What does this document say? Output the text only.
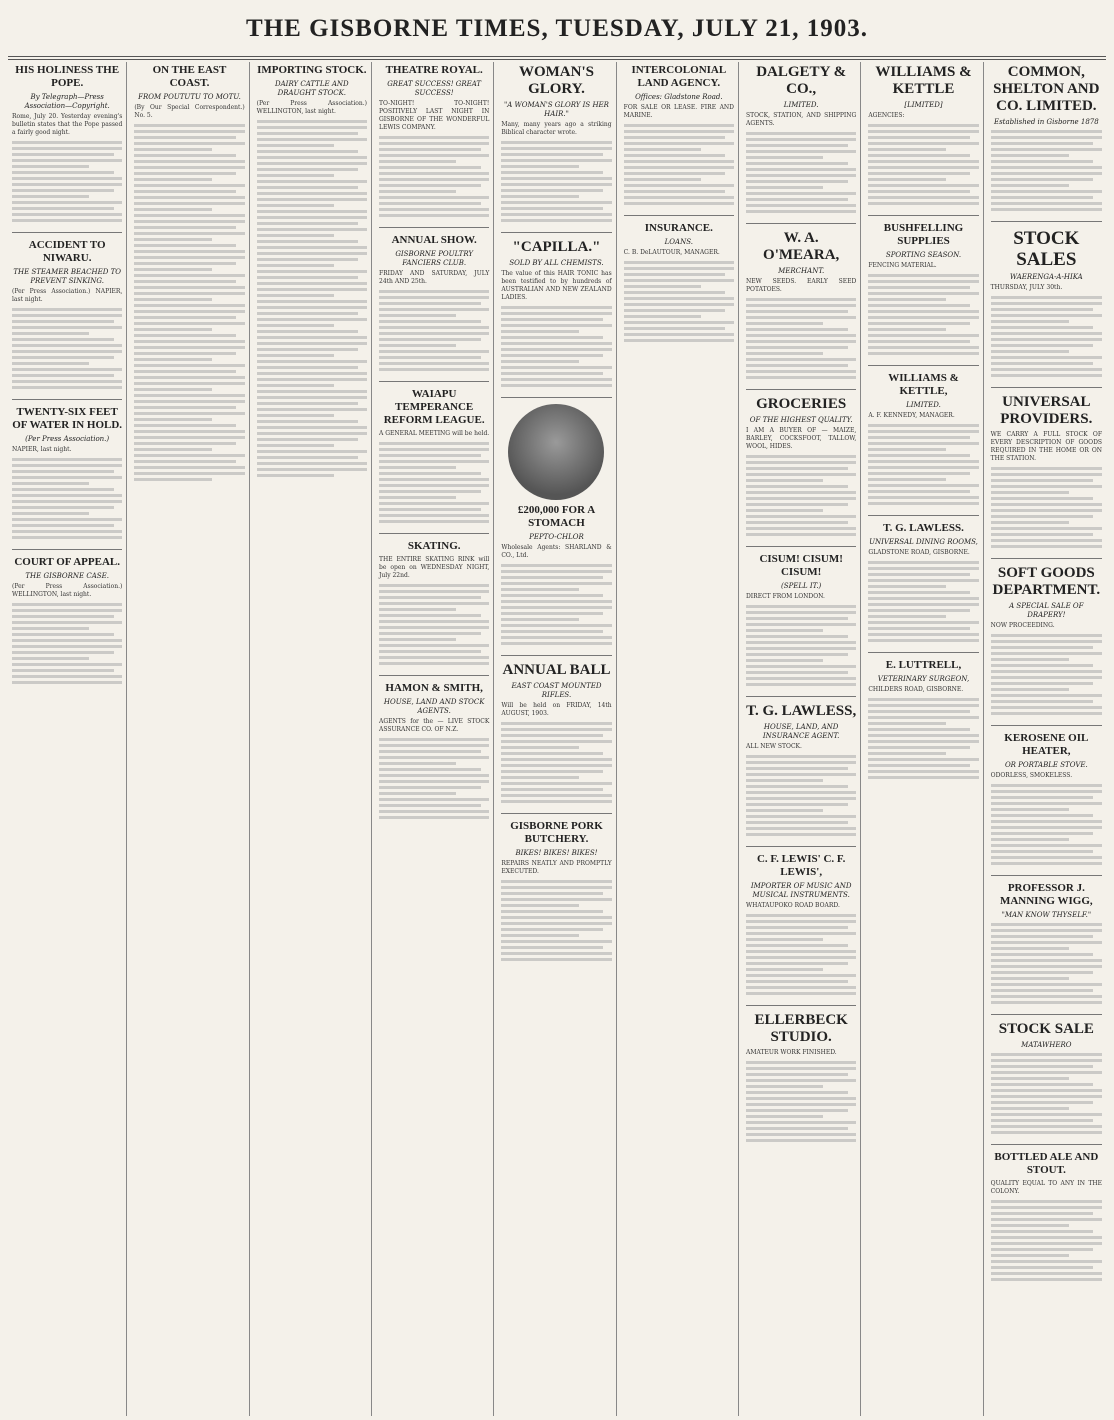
THE GISBORNE TIMES, TUESDAY, JULY 21, 1903.
HIS HOLINESS THE POPE.
By Telegraph—Press Association—Copyright.

Rome, July 20. Yesterday evening's bulletin states that the Pope passed a fairly good night.

ACCIDENT TO NIWARU.
THE STEAMER BEACHED TO PREVENT SINKING.

(Per Press Association.) NAPIER, last night.

TWENTY-SIX FEET OF WATER IN HOLD.
(Per Press Association.)

NAPIER, last night.

COURT OF APPEAL.
THE GISBORNE CASE.

(Per Press Association.) WELLINGTON, last night.

ON THE EAST COAST.
FROM POUTUTU TO MOTU.

(By Our Special Correspondent.) No. 5.

IMPORTING STOCK.
DAIRY CATTLE AND DRAUGHT STOCK.

(Per Press Association.) WELLINGTON, last night.

THEATRE ROYAL.
GREAT SUCCESS! GREAT SUCCESS!

TO-NIGHT! TO-NIGHT! POSITIVELY LAST NIGHT IN GISBORNE OF THE WONDERFUL LEWIS COMPANY.

ANNUAL SHOW.
GISBORNE POULTRY FANCIERS CLUB.

FRIDAY AND SATURDAY, JULY 24th AND 25th.

WAIAPU TEMPERANCE REFORM LEAGUE.

A GENERAL MEETING will be held.

SKATING.

THE ENTIRE SKATING RINK will be open on WEDNESDAY NIGHT, July 22nd.

HAMON & SMITH,
HOUSE, LAND AND STOCK AGENTS.

AGENTS for the — LIVE STOCK ASSURANCE CO. OF N.Z.

WOMAN'S GLORY.
"A WOMAN'S GLORY IS HER HAIR."

Many, many years ago a striking Biblical character wrote.

"CAPILLA."
SOLD BY ALL CHEMISTS.

The value of this HAIR TONIC has been testified to by hundreds of AUSTRALIAN AND NEW ZEALAND LADIES.

£200,000 FOR A STOMACH
PEPTO-CHLOR

Wholesale Agents: SHARLAND & CO., Ltd.

ANNUAL BALL
EAST COAST MOUNTED RIFLES.

Will be held on FRIDAY, 14th AUGUST, 1903.

GISBORNE PORK BUTCHERY.
BIKES! BIKES! BIKES!

REPAIRS NEATLY AND PROMPTLY EXECUTED.

INTERCOLONIAL LAND AGENCY.
Offices: Gladstone Road.

FOR SALE OR LEASE. FIRE AND MARINE.

INSURANCE.
LOANS.

C. B. DeLAUTOUR, MANAGER.

DALGETY & CO.,
LIMITED.

STOCK, STATION, AND SHIPPING AGENTS.

W. A. O'MEARA,
MERCHANT.

NEW SEEDS. EARLY SEED POTATOES.

GROCERIES
OF THE HIGHEST QUALITY.

I AM A BUYER OF — MAIZE, BARLEY, COCKSFOOT, TALLOW, WOOL, HIDES.

CISUM! CISUM! CISUM!
(SPELL IT.)

DIRECT FROM LONDON.

T. G. LAWLESS,
HOUSE, LAND, AND INSURANCE AGENT.

ALL NEW STOCK.

C. F. LEWIS' C. F. LEWIS',
IMPORTER OF MUSIC AND MUSICAL INSTRUMENTS.

WHATAUPOKO ROAD BOARD.

ELLERBECK STUDIO.

AMATEUR WORK FINISHED.

WILLIAMS & KETTLE
[LIMITED]

AGENCIES:

BUSHFELLING SUPPLIES
SPORTING SEASON.

FENCING MATERIAL.

WILLIAMS & KETTLE,
LIMITED.

A. F. KENNEDY, MANAGER.

T. G. LAWLESS.
UNIVERSAL DINING ROOMS,

GLADSTONE ROAD, GISBORNE.

E. LUTTRELL,
VETERINARY SURGEON,

CHILDERS ROAD, GISBORNE.

COMMON, SHELTON AND CO. LIMITED.
Established in Gisborne 1878
STOCK SALES
WAERENGA-A-HIKA

THURSDAY, JULY 30th.

UNIVERSAL PROVIDERS.

WE CARRY A FULL STOCK OF EVERY DESCRIPTION OF GOODS REQUIRED IN THE HOME OR ON THE STATION.

SOFT GOODS DEPARTMENT.
A SPECIAL SALE OF DRAPERY!

NOW PROCEEDING.

KEROSENE OIL HEATER,
OR PORTABLE STOVE.

ODORLESS, SMOKELESS.

PROFESSOR J. MANNING WIGG,
"MAN KNOW THYSELF."
STOCK SALE
MATAWHERO
BOTTLED ALE AND STOUT.

QUALITY EQUAL TO ANY IN THE COLONY.
